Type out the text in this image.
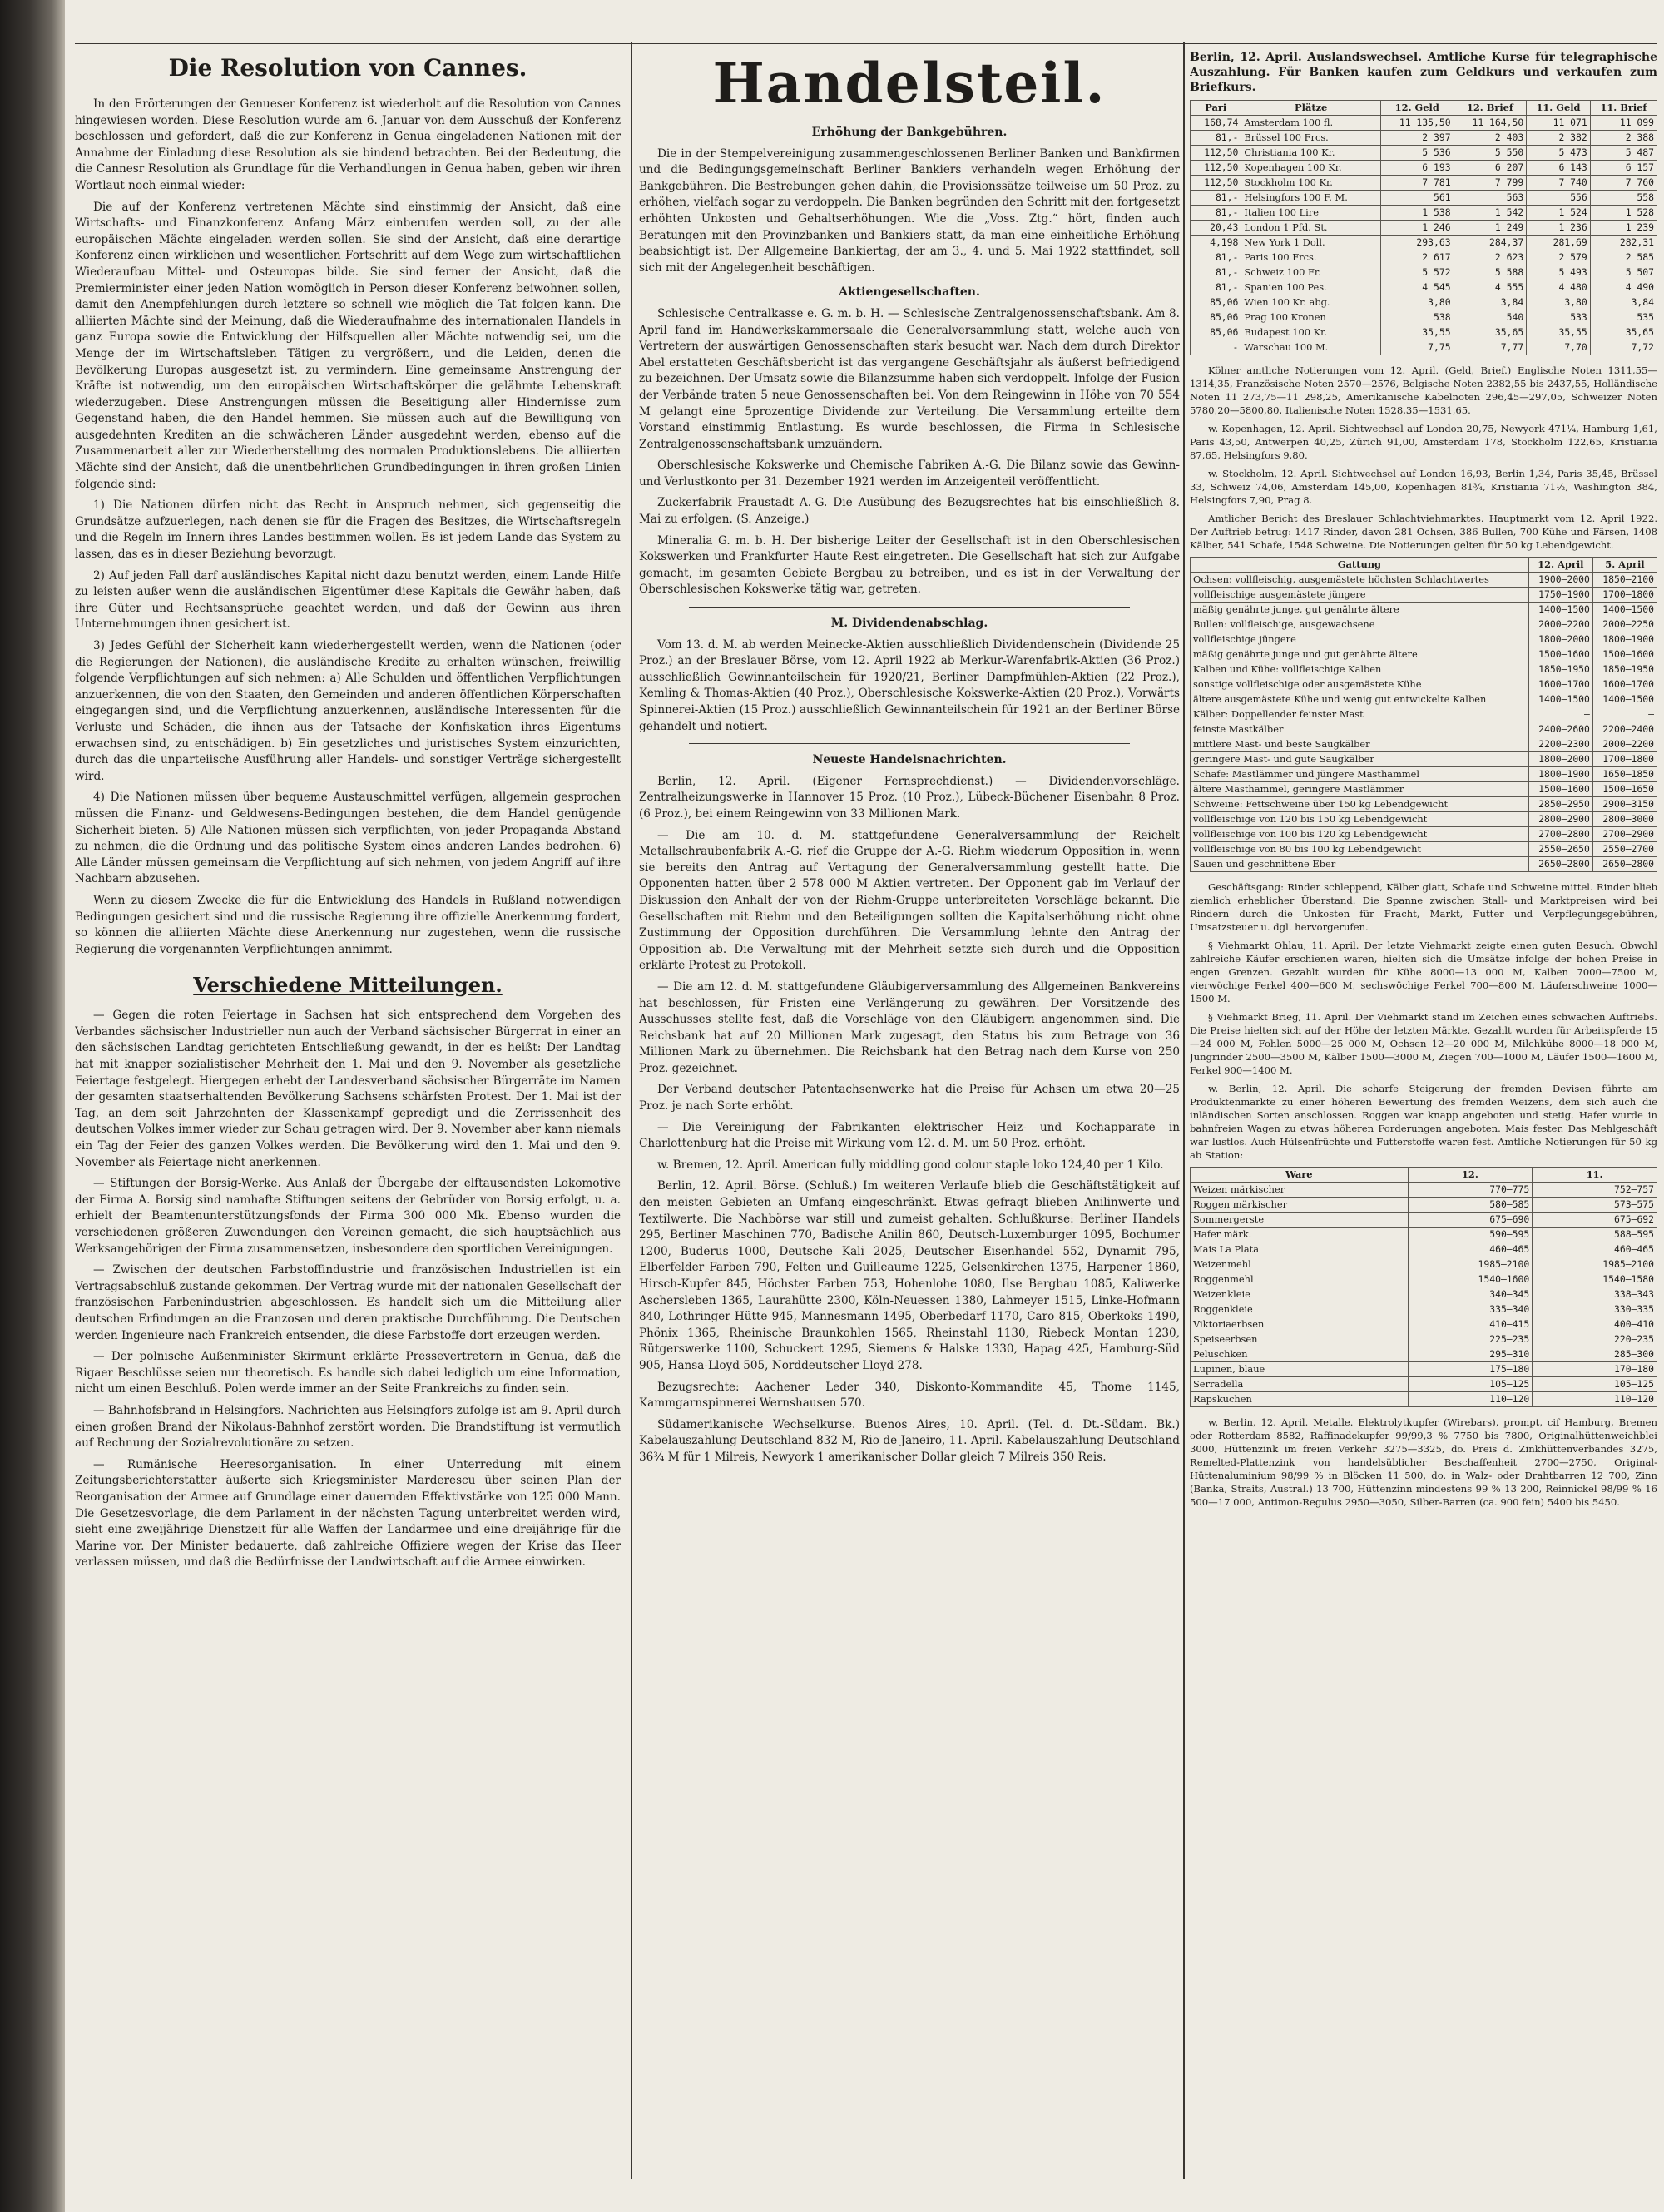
Die Resolution von Cannes.

In den Erörterungen der Genueser Konferenz ist wiederholt auf die Resolution von Cannes hingewiesen worden. Diese Resolution wurde am 6. Januar von dem Ausschuß der Konferenz beschlossen und gefordert, daß die zur Konferenz in Genua eingeladenen Nationen mit der Annahme der Einladung diese Resolution als sie bindend betrachten. Bei der Bedeutung, die die Cannesr Resolution als Grundlage für die Verhandlungen in Genua haben, geben wir ihren Wortlaut noch einmal wieder:

Die auf der Konferenz vertretenen Mächte sind einstimmig der Ansicht, daß eine Wirtschafts- und Finanzkonferenz Anfang März einberufen werden soll, zu der alle europäischen Mächte eingeladen werden sollen. Sie sind der Ansicht, daß eine derartige Konferenz einen wirklichen und wesentlichen Fortschritt auf dem Wege zum wirtschaftlichen Wiederaufbau Mittel- und Osteuropas bilde. Sie sind ferner der Ansicht, daß die Premierminister einer jeden Nation womöglich in Person dieser Konferenz beiwohnen sollen, damit den Anempfehlungen durch letztere so schnell wie möglich die Tat folgen kann. Die alliierten Mächte sind der Meinung, daß die Wiederaufnahme des internationalen Handels in ganz Europa sowie die Entwicklung der Hilfsquellen aller Mächte notwendig sei, um die Menge der im Wirtschaftsleben Tätigen zu vergrößern, und die Leiden, denen die Bevölkerung Europas ausgesetzt ist, zu vermindern. Eine gemeinsame Anstrengung der Kräfte ist notwendig, um den europäischen Wirtschaftskörper die gelähmte Lebenskraft wiederzugeben. Diese Anstrengungen müssen die Beseitigung aller Hindernisse zum Gegenstand haben, die den Handel hemmen. Sie müssen auch auf die Bewilligung von ausgedehnten Krediten an die schwächeren Länder ausgedehnt werden, ebenso auf die Zusammenarbeit aller zur Wiederherstellung des normalen Produktionslebens. Die alliierten Mächte sind der Ansicht, daß die unentbehrlichen Grundbedingungen in ihren großen Linien folgende sind:

1) Die Nationen dürfen nicht das Recht in Anspruch nehmen, sich gegenseitig die Grundsätze aufzuerlegen, nach denen sie für die Fragen des Besitzes, die Wirtschaftsregeln und die Regeln im Innern ihres Landes bestimmen wollen. Es ist jedem Lande das System zu lassen, das es in dieser Beziehung bevorzugt.

2) Auf jeden Fall darf ausländisches Kapital nicht dazu benutzt werden, einem Lande Hilfe zu leisten außer wenn die ausländischen Eigentümer diese Kapitals die Gewähr haben, daß ihre Güter und Rechtsansprüche geachtet werden, und daß der Gewinn aus ihren Unternehmungen ihnen gesichert ist.

3) Jedes Gefühl der Sicherheit kann wiederhergestellt werden, wenn die Nationen (oder die Regierungen der Nationen), die ausländische Kredite zu erhalten wünschen, freiwillig folgende Verpflichtungen auf sich nehmen: a) Alle Schulden und öffentlichen Verpflichtungen anzuerkennen, die von den Staaten, den Gemeinden und anderen öffentlichen Körperschaften eingegangen sind, und die Verpflichtung anzuerkennen, ausländische Interessenten für die Verluste und Schäden, die ihnen aus der Tatsache der Konfiskation ihres Eigentums erwachsen sind, zu entschädigen. b) Ein gesetzliches und juristisches System einzurichten, durch das die unparteiische Ausführung aller Handels- und sonstiger Verträge sichergestellt wird.

4) Die Nationen müssen über bequeme Austauschmittel verfügen, allgemein gesprochen müssen die Finanz- und Geldwesens-Bedingungen bestehen, die dem Handel genügende Sicherheit bieten. 5) Alle Nationen müssen sich verpflichten, von jeder Propaganda Abstand zu nehmen, die die Ordnung und das politische System eines anderen Landes bedrohen. 6) Alle Länder müssen gemeinsam die Verpflichtung auf sich nehmen, von jedem Angriff auf ihre Nachbarn abzusehen.

Wenn zu diesem Zwecke die für die Entwicklung des Handels in Rußland notwendigen Bedingungen gesichert sind und die russische Regierung ihre offizielle Anerkennung fordert, so können die alliierten Mächte diese Anerkennung nur zugestehen, wenn die russische Regierung die vorgenannten Verpflichtungen annimmt.

Verschiedene Mitteilungen.

— Gegen die roten Feiertage in Sachsen hat sich entsprechend dem Vorgehen des Verbandes sächsischer Industrieller nun auch der Verband sächsischer Bürgerrat in einer an den sächsischen Landtag gerichteten Entschließung gewandt, in der es heißt: Der Landtag hat mit knapper sozialistischer Mehrheit den 1. Mai und den 9. November als gesetzliche Feiertage festgelegt. Hiergegen erhebt der Landesverband sächsischer Bürgerräte im Namen der gesamten staatserhaltenden Bevölkerung Sachsens schärfsten Protest. Der 1. Mai ist der Tag, an dem seit Jahrzehnten der Klassenkampf gepredigt und die Zerrissenheit des deutschen Volkes immer wieder zur Schau getragen wird. Der 9. November aber kann niemals ein Tag der Feier des ganzen Volkes werden. Die Bevölkerung wird den 1. Mai und den 9. November als Feiertage nicht anerkennen.

— Stiftungen der Borsig-Werke. Aus Anlaß der Übergabe der elftausendsten Lokomotive der Firma A. Borsig sind namhafte Stiftungen seitens der Gebrüder von Borsig erfolgt, u. a. erhielt der Beamtenunterstützungsfonds der Firma 300 000 Mk. Ebenso wurden die verschiedenen größeren Zuwendungen den Vereinen gemacht, die sich hauptsächlich aus Werksangehörigen der Firma zusammensetzen, insbesondere den sportlichen Vereinigungen.

— Zwischen der deutschen Farbstoffindustrie und französischen Industriellen ist ein Vertragsabschluß zustande gekommen. Der Vertrag wurde mit der nationalen Gesellschaft der französischen Farbenindustrien abgeschlossen. Es handelt sich um die Mitteilung aller deutschen Erfindungen an die Franzosen und deren praktische Durchführung. Die Deutschen werden Ingenieure nach Frankreich entsenden, die diese Farbstoffe dort erzeugen werden.

— Der polnische Außenminister Skirmunt erklärte Pressevertretern in Genua, daß die Rigaer Beschlüsse seien nur theoretisch. Es handle sich dabei lediglich um eine Information, nicht um einen Beschluß. Polen werde immer an der Seite Frankreichs zu finden sein.

— Bahnhofsbrand in Helsingfors. Nachrichten aus Helsingfors zufolge ist am 9. April durch einen großen Brand der Nikolaus-Bahnhof zerstört worden. Die Brandstiftung ist vermutlich auf Rechnung der Sozialrevolutionäre zu setzen.

— Rumänische Heeresorganisation. In einer Unterredung mit einem Zeitungsberichterstatter äußerte sich Kriegsminister Marderescu über seinen Plan der Reorganisation der Armee auf Grundlage einer dauernden Effektivstärke von 125 000 Mann. Die Gesetzesvorlage, die dem Parlament in der nächsten Tagung unterbreitet werden wird, sieht eine zweijährige Dienstzeit für alle Waffen der Landarmee und eine dreijährige für die Marine vor. Der Minister bedauerte, daß zahlreiche Offiziere wegen der Krise das Heer verlassen müssen, und daß die Bedürfnisse der Landwirtschaft auf die Armee einwirken.

Handelsteil.
Erhöhung der Bankgebühren.

Die in der Stempelvereinigung zusammengeschlossenen Berliner Banken und Bankfirmen und die Bedingungsgemeinschaft Berliner Bankiers verhandeln wegen Erhöhung der Bankgebühren. Die Bestrebungen gehen dahin, die Provisionssätze teilweise um 50 Proz. zu erhöhen, vielfach sogar zu verdoppeln. Die Banken begründen den Schritt mit den fortgesetzt erhöhten Unkosten und Gehaltserhöhungen. Wie die „Voss. Ztg.“ hört, finden auch Beratungen mit den Provinzbanken und Bankiers statt, da man eine einheitliche Erhöhung beabsichtigt ist. Der Allgemeine Bankiertag, der am 3., 4. und 5. Mai 1922 stattfindet, soll sich mit der Angelegenheit beschäftigen.

Aktiengesellschaften.

Schlesische Centralkasse e. G. m. b. H. — Schlesische Zentralgenossenschaftsbank. Am 8. April fand im Handwerkskammersaale die Generalversammlung statt, welche auch von Vertretern der auswärtigen Genossenschaften stark besucht war. Nach dem durch Direktor Abel erstatteten Geschäftsbericht ist das vergangene Geschäftsjahr als äußerst befriedigend zu bezeichnen. Der Umsatz sowie die Bilanzsumme haben sich verdoppelt. Infolge der Fusion der Verbände traten 5 neue Genossenschaften bei. Von dem Reingewinn in Höhe von 70 554 M gelangt eine 5prozentige Dividende zur Verteilung. Die Versammlung erteilte dem Vorstand einstimmig Entlastung. Es wurde beschlossen, die Firma in Schlesische Zentralgenossenschaftsbank umzuändern.

Oberschlesische Kokswerke und Chemische Fabriken A.-G. Die Bilanz sowie das Gewinn- und Verlustkonto per 31. Dezember 1921 werden im Anzeigenteil veröffentlicht.

Zuckerfabrik Fraustadt A.-G. Die Ausübung des Bezugsrechtes hat bis einschließlich 8. Mai zu erfolgen. (S. Anzeige.)

Mineralia G. m. b. H. Der bisherige Leiter der Gesellschaft ist in den Oberschlesischen Kokswerken und Frankfurter Haute Rest eingetreten. Die Gesellschaft hat sich zur Aufgabe gemacht, im gesamten Gebiete Bergbau zu betreiben, und es ist in der Verwaltung der Oberschlesischen Kokswerke tätig war, getreten.

M. Dividendenabschlag.

Vom 13. d. M. ab werden Meinecke-Aktien ausschließlich Dividendenschein (Dividende 25 Proz.) an der Breslauer Börse, vom 12. April 1922 ab Merkur-Warenfabrik-Aktien (36 Proz.) ausschließlich Gewinnanteilschein für 1920/21, Berliner Dampfmühlen-Aktien (22 Proz.), Kemling & Thomas-Aktien (40 Proz.), Oberschlesische Kokswerke-Aktien (20 Proz.), Vorwärts Spinnerei-Aktien (15 Proz.) ausschließlich Gewinnanteilschein für 1921 an der Berliner Börse gehandelt und notiert.

Neueste Handelsnachrichten.

Berlin, 12. April. (Eigener Fernsprechdienst.) — Dividendenvorschläge. Zentralheizungswerke in Hannover 15 Proz. (10 Proz.), Lübeck-Büchener Eisenbahn 8 Proz. (6 Proz.), bei einem Reingewinn von 33 Millionen Mark.

— Die am 10. d. M. stattgefundene Generalversammlung der Reichelt Metallschraubenfabrik A.-G. rief die Gruppe der A.-G. Riehm wiederum Opposition in, wenn sie bereits den Antrag auf Vertagung der Generalversammlung gestellt hatte. Die Opponenten hatten über 2 578 000 M Aktien vertreten. Der Opponent gab im Verlauf der Diskussion den Anhalt der von der Riehm-Gruppe unterbreiteten Vorschläge bekannt. Die Gesellschaften mit Riehm und den Beteiligungen sollten die Kapitalserhöhung nicht ohne Zustimmung der Opposition durchführen. Die Versammlung lehnte den Antrag der Opposition ab. Die Verwaltung mit der Mehrheit setzte sich durch und die Opposition erklärte Protest zu Protokoll.

— Die am 12. d. M. stattgefundene Gläubigerversammlung des Allgemeinen Bankvereins hat beschlossen, für Fristen eine Verlängerung zu gewähren. Der Vorsitzende des Ausschusses stellte fest, daß die Vorschläge von den Gläubigern angenommen sind. Die Reichsbank hat auf 20 Millionen Mark zugesagt, den Status bis zum Betrage von 36 Millionen Mark zu übernehmen. Die Reichsbank hat den Betrag nach dem Kurse von 250 Proz. gezeichnet.

Der Verband deutscher Patentachsenwerke hat die Preise für Achsen um etwa 20—25 Proz. je nach Sorte erhöht.

— Die Vereinigung der Fabrikanten elektrischer Heiz- und Kochapparate in Charlottenburg hat die Preise mit Wirkung vom 12. d. M. um 50 Proz. erhöht.

w. Bremen, 12. April. American fully middling good colour staple loko 124,40 per 1 Kilo.

Berlin, 12. April. Börse. (Schluß.) Im weiteren Verlaufe blieb die Geschäftstätigkeit auf den meisten Gebieten an Umfang eingeschränkt. Etwas gefragt blieben Anilinwerte und Textilwerte. Die Nachbörse war still und zumeist gehalten. Schlußkurse: Berliner Handels 295, Berliner Maschinen 770, Badische Anilin 860, Deutsch-Luxemburger 1095, Bochumer 1200, Buderus 1000, Deutsche Kali 2025, Deutscher Eisenhandel 552, Dynamit 795, Elberfelder Farben 790, Felten und Guilleaume 1225, Gelsenkirchen 1375, Harpener 1860, Hirsch-Kupfer 845, Höchster Farben 753, Hohenlohe 1080, Ilse Bergbau 1085, Kaliwerke Aschersleben 1365, Laurahütte 2300, Köln-Neuessen 1380, Lahmeyer 1515, Linke-Hofmann 840, Lothringer Hütte 945, Mannesmann 1495, Oberbedarf 1170, Caro 815, Oberkoks 1490, Phönix 1365, Rheinische Braunkohlen 1565, Rheinstahl 1130, Riebeck Montan 1230, Rütgerswerke 1100, Schuckert 1295, Siemens & Halske 1330, Hapag 425, Hamburg-Süd 905, Hansa-Lloyd 505, Norddeutscher Lloyd 278.

Bezugsrechte: Aachener Leder 340, Diskonto-Kommandite 45, Thome 1145, Kammgarnspinnerei Wernshausen 570.

Südamerikanische Wechselkurse. Buenos Aires, 10. April. (Tel. d. Dt.-Südam. Bk.) Kabelauszahlung Deutschland 832 M, Rio de Janeiro, 11. April. Kabelauszahlung Deutschland 36¾ M für 1 Milreis, Newyork 1 amerikanischer Dollar gleich 7 Milreis 350 Reis.

Berlin, 12. April. Auslandswechsel. Amtliche Kurse für telegraphische Auszahlung. Für Banken kaufen zum Geldkurs und verkaufen zum Briefkurs.
Pari	Plätze	12. Geld	12. Brief	11. Geld	11. Brief
168,74	Amsterdam 100 fl.	11 135,50	11 164,50	11 071	11 099
81,-	Brüssel 100 Frcs.	2 397	2 403	2 382	2 388
112,50	Christiania 100 Kr.	5 536	5 550	5 473	5 487
112,50	Kopenhagen 100 Kr.	6 193	6 207	6 143	6 157
112,50	Stockholm 100 Kr.	7 781	7 799	7 740	7 760
81,-	Helsingfors 100 F. M.	561	563	556	558
81,-	Italien 100 Lire	1 538	1 542	1 524	1 528
20,43	London 1 Pfd. St.	1 246	1 249	1 236	1 239
4,198	New York 1 Doll.	293,63	284,37	281,69	282,31
81,-	Paris 100 Frcs.	2 617	2 623	2 579	2 585
81,-	Schweiz 100 Fr.	5 572	5 588	5 493	5 507
81,-	Spanien 100 Pes.	4 545	4 555	4 480	4 490
85,06	Wien 100 Kr. abg.	3,80	3,84	3,80	3,84
85,06	Prag 100 Kronen	538	540	533	535
85,06	Budapest 100 Kr.	35,55	35,65	35,55	35,65
-	Warschau 100 M.	7,75	7,77	7,70	7,72

Kölner amtliche Notierungen vom 12. April. (Geld, Brief.) Englische Noten 1311,55—1314,35, Französische Noten 2570—2576, Belgische Noten 2382,55 bis 2437,55, Holländische Noten 11 273,75—11 298,25, Amerikanische Kabelnoten 296,45—297,05, Schweizer Noten 5780,20—5800,80, Italienische Noten 1528,35—1531,65.

w. Kopenhagen, 12. April. Sichtwechsel auf London 20,75, Newyork 471¼, Hamburg 1,61, Paris 43,50, Antwerpen 40,25, Zürich 91,00, Amsterdam 178, Stockholm 122,65, Kristiania 87,65, Helsingfors 9,80.

w. Stockholm, 12. April. Sichtwechsel auf London 16,93, Berlin 1,34, Paris 35,45, Brüssel 33, Schweiz 74,06, Amsterdam 145,00, Kopenhagen 81¾, Kristiania 71½, Washington 384, Helsingfors 7,90, Prag 8.

Amtlicher Bericht des Breslauer Schlachtviehmarktes. Hauptmarkt vom 12. April 1922. Der Auftrieb betrug: 1417 Rinder, davon 281 Ochsen, 386 Bullen, 700 Kühe und Färsen, 1408 Kälber, 541 Schafe, 1548 Schweine. Die Notierungen gelten für 50 kg Lebendgewicht.

Gattung	12. April	5. April
Ochsen: vollfleischig, ausgemästete höchsten Schlachtwertes	1900—2000	1850—2100
vollfleischige ausgemästete jüngere	1750—1900	1700—1800
mäßig genährte junge, gut genährte ältere	1400—1500	1400—1500
Bullen: vollfleischige, ausgewachsene	2000—2200	2000—2250
vollfleischige jüngere	1800—2000	1800—1900
mäßig genährte junge und gut genährte ältere	1500—1600	1500—1600
Kalben und Kühe: vollfleischige Kalben	1850—1950	1850—1950
sonstige vollfleischige oder ausgemästete Kühe	1600—1700	1600—1700
ältere ausgemästete Kühe und wenig gut entwickelte Kalben	1400—1500	1400—1500
Kälber: Doppellender feinster Mast	—	—
feinste Mastkälber	2400—2600	2200—2400
mittlere Mast- und beste Saugkälber	2200—2300	2000—2200
geringere Mast- und gute Saugkälber	1800—2000	1700—1800
Schafe: Mastlämmer und jüngere Masthammel	1800—1900	1650—1850
ältere Masthammel, geringere Mastlämmer	1500—1600	1500—1650
Schweine: Fettschweine über 150 kg Lebendgewicht	2850—2950	2900—3150
vollfleischige von 120 bis 150 kg Lebendgewicht	2800—2900	2800—3000
vollfleischige von 100 bis 120 kg Lebendgewicht	2700—2800	2700—2900
vollfleischige von 80 bis 100 kg Lebendgewicht	2550—2650	2550—2700
Sauen und geschnittene Eber	2650—2800	2650—2800

Geschäftsgang: Rinder schleppend, Kälber glatt, Schafe und Schweine mittel. Rinder blieb ziemlich erheblicher Überstand. Die Spanne zwischen Stall- und Marktpreisen wird bei Rindern durch die Unkosten für Fracht, Markt, Futter und Verpflegungsgebühren, Umsatzsteuer u. dgl. hervorgerufen.

§ Viehmarkt Ohlau, 11. April. Der letzte Viehmarkt zeigte einen guten Besuch. Obwohl zahlreiche Käufer erschienen waren, hielten sich die Umsätze infolge der hohen Preise in engen Grenzen. Gezahlt wurden für Kühe 8000—13 000 M, Kalben 7000—7500 M, vierwöchige Ferkel 400—600 M, sechswöchige Ferkel 700—800 M, Läuferschweine 1000—1500 M.

§ Viehmarkt Brieg, 11. April. Der Viehmarkt stand im Zeichen eines schwachen Auftriebs. Die Preise hielten sich auf der Höhe der letzten Märkte. Gezahlt wurden für Arbeitspferde 15—24 000 M, Fohlen 5000—25 000 M, Ochsen 12—20 000 M, Milchkühe 8000—18 000 M, Jungrinder 2500—3500 M, Kälber 1500—3000 M, Ziegen 700—1000 M, Läufer 1500—1600 M, Ferkel 900—1400 M.

w. Berlin, 12. April. Die scharfe Steigerung der fremden Devisen führte am Produktenmarkte zu einer höheren Bewertung des fremden Weizens, dem sich auch die inländischen Sorten anschlossen. Roggen war knapp angeboten und stetig. Hafer wurde in bahnfreien Wagen zu etwas höheren Forderungen angeboten. Mais fester. Das Mehlgeschäft war lustlos. Auch Hülsenfrüchte und Futterstoffe waren fest. Amtliche Notierungen für 50 kg ab Station:

Ware	12.	11.
Weizen märkischer	770—775	752—757
Roggen märkischer	580—585	573—575
Sommergerste	675—690	675—692
Hafer märk.	590—595	588—595
Mais La Plata	460—465	460—465
Weizenmehl	1985—2100	1985—2100
Roggenmehl	1540—1600	1540—1580
Weizenkleie	340—345	338—343
Roggenkleie	335—340	330—335
Viktoriaerbsen	410—415	400—410
Speiseerbsen	225—235	220—235
Peluschken	295—310	285—300
Lupinen, blaue	175—180	170—180
Serradella	105—125	105—125
Rapskuchen	110—120	110—120

w. Berlin, 12. April. Metalle. Elektrolytkupfer (Wirebars), prompt, cif Hamburg, Bremen oder Rotterdam 8582, Raffinadekupfer 99/99,3 % 7750 bis 7800, Originalhüttenweichblei 3000, Hüttenzink im freien Verkehr 3275—3325, do. Preis d. Zinkhüttenverbandes 3275, Remelted-Plattenzink von handelsüblicher Beschaffenheit 2700—2750, Original-Hüttenaluminium 98/99 % in Blöcken 11 500, do. in Walz- oder Drahtbarren 12 700, Zinn (Banka, Straits, Austral.) 13 700, Hüttenzinn mindestens 99 % 13 200, Reinnickel 98/99 % 16 500—17 000, Antimon-Regulus 2950—3050, Silber-Barren (ca. 900 fein) 5400 bis 5450.
